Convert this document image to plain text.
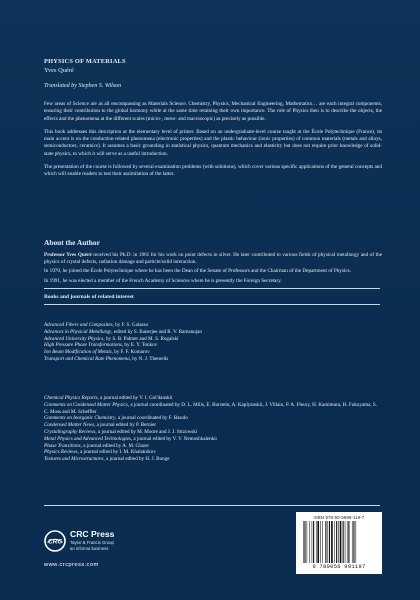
PHYSICS OF MATERIALS
Yves Quéré
Translated by Stephen S. Wilson

Few areas of Science are as all encompassing as Materials Science. Chemistry, Physics, Mechanical Engineering, Mathematics… are each integral components, ensuring their contribution to the global harmony while at the same time retaining their own importance. The role of Physics then is to describe the objects, the effects and the phenomena at the different scales (micro-, meso- and macroscopic) as precisely as possible.

This book addresses this description at the elementary level of primer. Based on an undergraduate-level course taught at the École Polytechnique (France), its main accent is on the conduction-related phenomena (electronic properties) and the plastic behaviour (ionic properties) of common materials (metals and alloys, semiconductors, ceramics). It assumes a basic grounding in statistical physics, quantum mechanics and elasticity but does not require prior knowledge of solid-state physics, to which it will serve as a useful introduction.

The presentation of the course is followed by several examination problems (with solutions), which cover various specific applications of the general concepts and which will enable readers to test their assimilation of the latter.

About the Author

Professor Yves Quéré received his Ph.D. in 1961 for his work on point defects in silver. He later contributed to various fields of physical metallurgy and of the physics of crystal defects, radiation damage and particle/solid interaction.

In 1970, he joined the École Polytechnique where he has been the Dean of the Senate of Professors and the Chairman of the Department of Physics.

In 1991, he was elected a member of the French Academy of Sciences where he is presently the Foreign Secretary.

Books and journals of related interest
Advanced Fibers and Composites, by F. S. Galasso
Advances in Physical Metallurgy, edited by S. Banerjee and R. V. Ramanujan
Advanced University Physics, by S. B. Palmer and M. S. Rogalski
High Pressure Phase Transformations, by E. Y. Tonkov
Ion Beam Modification of Metals, by F. F. Komarov
Transport and Chemical Rate Phenomena, by N. J. Themelis
Chemical Physics Reports, a journal edited by V. I. Gol'danskii
Comments on Condensed Matter Physics, a journal coordinated by D. L. Mills, E. Burstein, A. Kaplyanskii, J. Villain, P. A. Fleury, H. Kamimura, H. Fukuyama, S. C. Moss and M. Scheffler
Comments on Inorganic Chemistry, a journal coordinated by F. Basolo
Condensed Matter News, a journal edited by P. Bernier
Crystallography Reviews, a journal edited by M. Moore and J. J. Strzowski
Metal Physics and Advanced Technologies, a journal edited by V. V. Nemoshkalenko
Phase Transitions, a journal edited by A. M. Glazer
Physics Reviews, a journal edited by I. M. Khalatnikov
Textures and Microstructures, a journal edited by H. J. Bunge
CRC
CRC Press
Taylor & Francis Group
an informa business
www.crcpress.com
ISBN 978-90-5699-119-7
9 789056 991197
